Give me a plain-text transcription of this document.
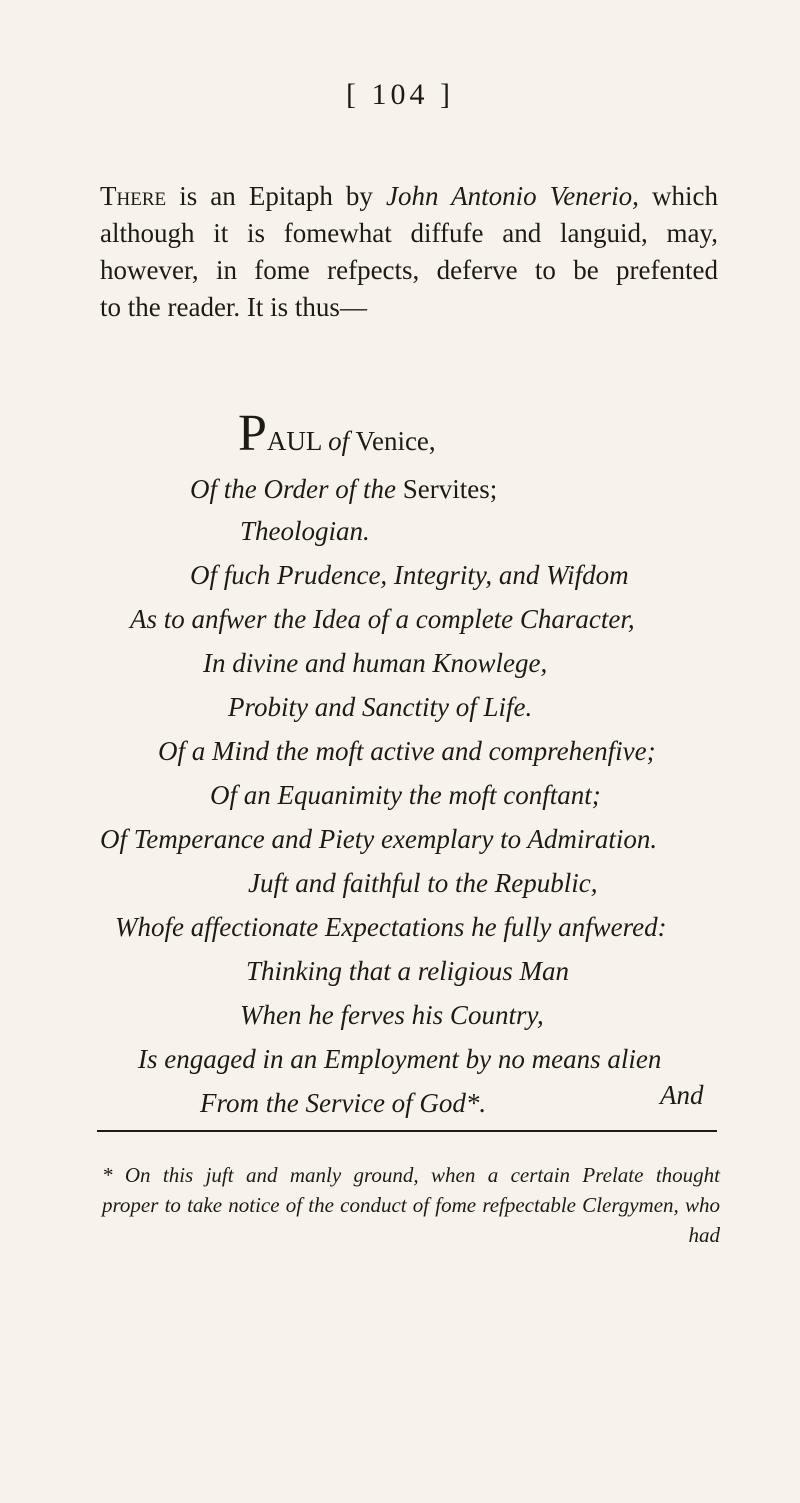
[ 104 ]
There is an Epitaph by John Antonio Venerio, which
although it is fomewhat diffufe and languid, may,
however, in fome refpects, deferve to be prefented
to the reader. It is thus—
PAUL of Venice,
Of the Order of the Servites;
Theologian.
Of fuch Prudence, Integrity, and Wifdom
As to anfwer the Idea of a complete Character,
In divine and human Knowlege,
Probity and Sanctity of Life.
Of a Mind the moft active and comprehenfive;
Of an Equanimity the moft conftant;
Of Temperance and Piety exemplary to Admiration.
Juft and faithful to the Republic,
Whofe affectionate Expectations he fully anfwered:
Thinking that a religious Man
When he ferves his Country,
Is engaged in an Employment by no means alien
From the Service of God*.	And
* On this juft and manly ground, when a certain Prelate thought
proper to take notice of the conduct of fome refpectable Clergymen, who
had
